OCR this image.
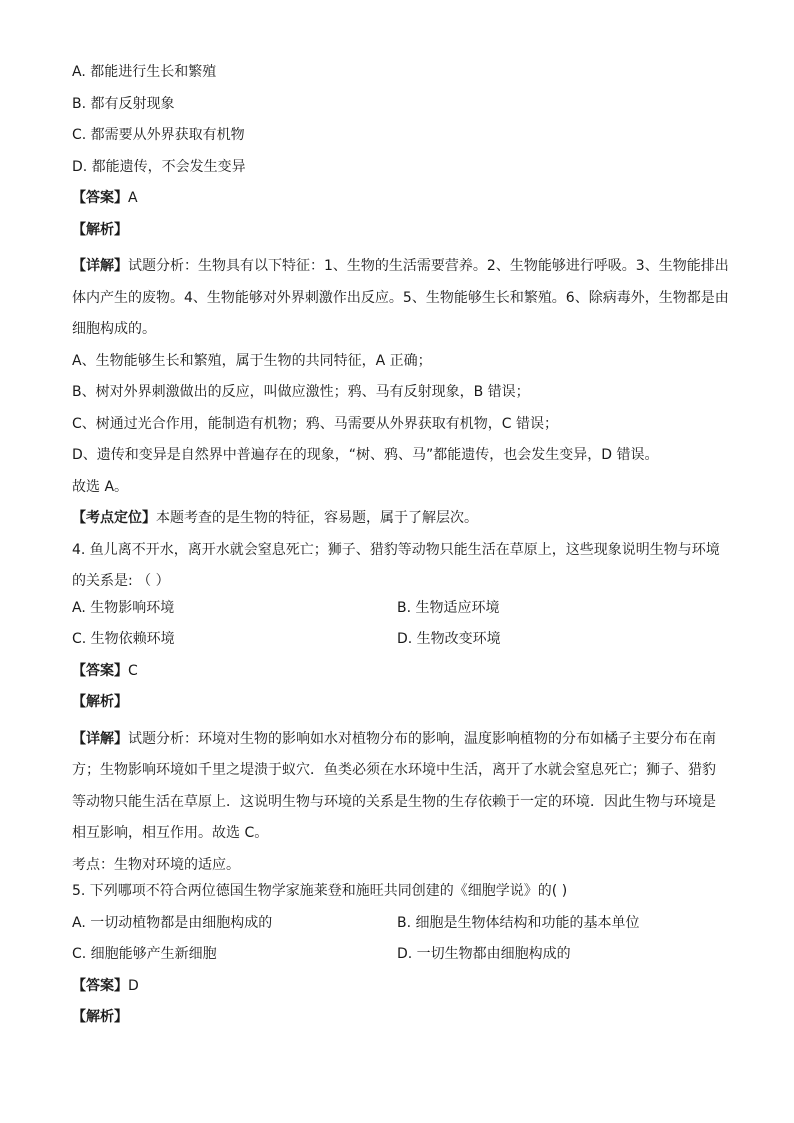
A. 都能进行生长和繁殖
B. 都有反射现象
C. 都需要从外界获取有机物
D. 都能遗传，不会发生变异
【答案】A
【解析】
【详解】试题分析：生物具有以下特征：1、生物的生活需要营养。2、生物能够进行呼吸。3、生物能排出
体内产生的废物。4、生物能够对外界刺激作出反应。5、生物能够生长和繁殖。6、除病毒外，生物都是由
细胞构成的。
A、生物能够生长和繁殖，属于生物的共同特征，A 正确；
B、树对外界刺激做出的反应，叫做应激性；鸦、马有反射现象，B 错误；
C、树通过光合作用，能制造有机物；鸦、马需要从外界获取有机物，C 错误；
D、遗传和变异是自然界中普遍存在的现象，“树、鸦、马”都能遗传，也会发生变异，D 错误。
故选 A。
【考点定位】本题考查的是生物的特征，容易题，属于了解层次。
4. 鱼儿离不开水，离开水就会窒息死亡；狮子、猎豹等动物只能生活在草原上，这些现象说明生物与环境
的关系是: （ ）
A. 生物影响环境	B. 生物适应环境
C. 生物依赖环境	D. 生物改变环境
【答案】C
【解析】
【详解】试题分析：环境对生物的影响如水对植物分布的影响，温度影响植物的分布如橘子主要分布在南
方；生物影响环境如千里之堤溃于蚁穴．鱼类必须在水环境中生活，离开了水就会窒息死亡；狮子、猎豹
等动物只能生活在草原上．这说明生物与环境的关系是生物的生存依赖于一定的环境．因此生物与环境是
相互影响，相互作用。故选 C。
考点：生物对环境的适应。
5. 下列哪项不符合两位德国生物学家施莱登和施旺共同创建的《细胞学说》的( )
A. 一切动植物都是由细胞构成的	B. 细胞是生物体结构和功能的基本单位
C. 细胞能够产生新细胞	D. 一切生物都由细胞构成的
【答案】D
【解析】
